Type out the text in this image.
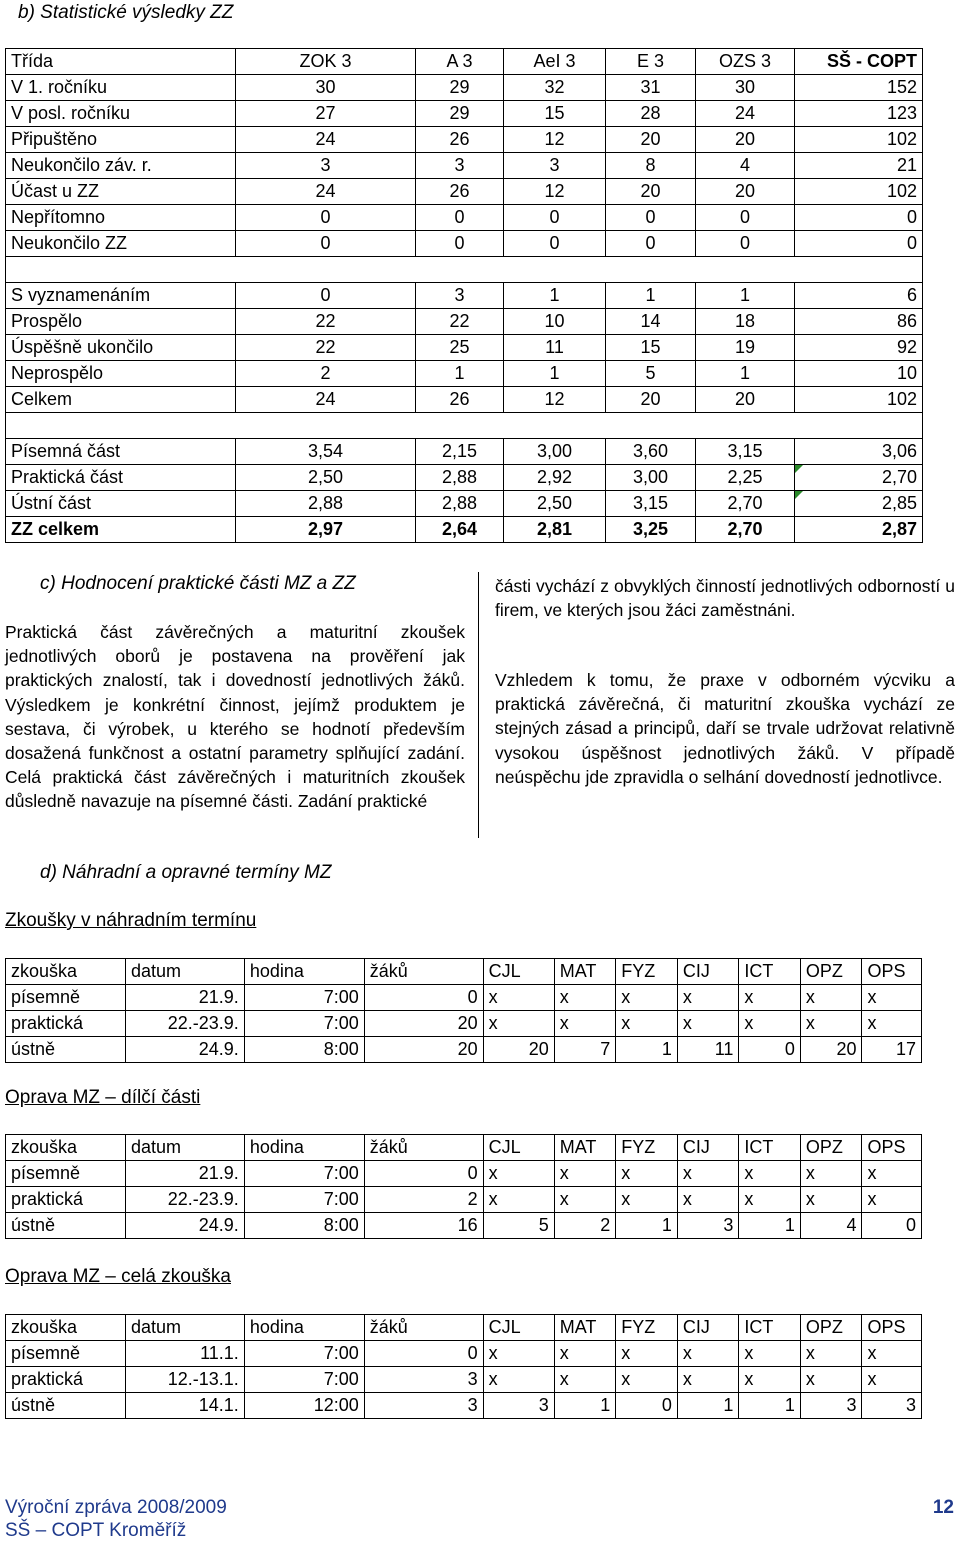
b) Statistické výsledky ZZ
Třída	ZOK 3	A 3	AeI 3	E 3	OZS 3	SŠ - COPT
V 1. ročníku	30	29	32	31	30	152
V posl. ročníku	27	29	15	28	24	123
Připuštěno	24	26	12	20	20	102
Neukončilo záv. r.	3	3	3	8	4	21
Účast u ZZ	24	26	12	20	20	102
Nepřítomno	0	0	0	0	0	0
Neukončilo ZZ	0	0	0	0	0	0

S vyznamenáním	0	3	1	1	1	6
Prospělo	22	22	10	14	18	86
Úspěšně ukončilo	22	25	11	15	19	92
Neprospělo	2	1	1	5	1	10
Celkem	24	26	12	20	20	102

Písemná část	3,54	2,15	3,00	3,60	3,15	3,06
Praktická část	2,50	2,88	2,92	3,00	2,25	2,70

Ústní část	2,88	2,88	2,50	3,15	2,70	2,85

ZZ celkem	2,97	2,64	2,81	3,25	2,70	2,87
c) Hodnocení praktické části MZ a ZZ
Praktická část závěrečných a maturitní zkoušek jednotlivých oborů je postavena na prověření jak praktických znalostí, tak i dovedností jednotlivých žáků. Výsledkem je konkrétní činnost, jejímž produktem je sestava, či výrobek, u kterého se hodnotí především dosažená funkčnost a ostatní parametry splňující zadání. Celá praktická část závěrečných i maturitních zkoušek důsledně navazuje na písemné části. Zadání praktické
části vychází z obvyklých činností jednotlivých odborností u firem, ve kterých jsou žáci zaměstnáni.
Vzhledem k tomu, že praxe v odborném výcviku a praktická závěrečná, či maturitní zkouška vychází ze stejných zásad a principů, daří se trvale udržovat relativně vysokou úspěšnost jednotlivých žáků. V případě neúspěchu jde zpravidla o selhání dovedností jednotlivce.
d) Náhradní a opravné termíny MZ
Zkoušky v náhradním termínu
zkouška	datum	hodina	žáků	CJL	MAT	FYZ	CIJ	ICT	OPZ	OPS
písemně	21.9.	7:00	0	x	x	x	x	x	x	x
praktická	22.-23.9.	7:00	20	x	x	x	x	x	x	x
ústně	24.9.	8:00	20	20	7	1	11	0	20	17
Oprava MZ – dílčí části
zkouška	datum	hodina	žáků	CJL	MAT	FYZ	CIJ	ICT	OPZ	OPS
písemně	21.9.	7:00	0	x	x	x	x	x	x	x
praktická	22.-23.9.	7:00	2	x	x	x	x	x	x	x
ústně	24.9.	8:00	16	5	2	1	3	1	4	0
Oprava MZ – celá zkouška
zkouška	datum	hodina	žáků	CJL	MAT	FYZ	CIJ	ICT	OPZ	OPS
písemně	11.1.	7:00	0	x	x	x	x	x	x	x
praktická	12.-13.1.	7:00	3	x	x	x	x	x	x	x
ústně	14.1.	12:00	3	3	1	0	1	1	3	3
Výroční zpráva 2008/2009
SŠ – COPT Kroměříž
12
